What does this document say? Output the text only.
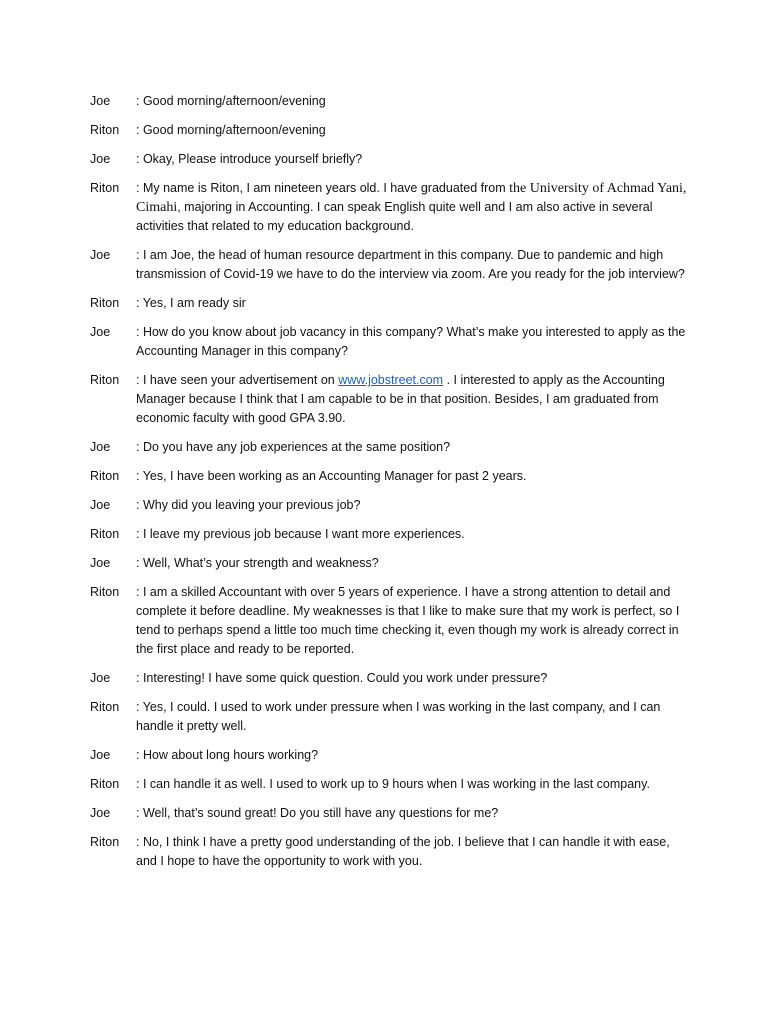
Joe	: Good morning/afternoon/evening
Riton	: Good morning/afternoon/evening
Joe	: Okay, Please introduce yourself briefly?
Riton	: My name is Riton, I am nineteen years old. I have graduated from the University of Achmad Yani, Cimahi, majoring in Accounting. I can speak English quite well and I am also active in several activities that related to my education background.
Joe	: I am Joe, the head of human resource department in this company. Due to pandemic and high transmission of Covid-19 we have to do the interview via zoom. Are you ready for the job interview?
Riton	: Yes, I am ready sir
Joe	: How do you know about job vacancy in this company? What’s make you interested to apply as the Accounting Manager in this company?
Riton	: I have seen your advertisement on www.jobstreet.com . I interested to apply as the Accounting Manager because I think that I am capable to be in that position. Besides, I am graduated from economic faculty with good GPA 3.90.
Joe	: Do you have any job experiences at the same position?
Riton	: Yes, I have been working as an Accounting Manager for past 2 years.
Joe	: Why did you leaving your previous job?
Riton	: I leave my previous job because I want more experiences.
Joe	: Well, What’s your strength and weakness?
Riton	: I am a skilled Accountant with over 5 years of experience. I have a strong attention to detail and complete it before deadline. My weaknesses is that I like to make sure that my work is perfect, so I tend to perhaps spend a little too much time checking it, even though my work is already correct in the first place and ready to be reported.
Joe	: Interesting! I have some quick question. Could you work under pressure?
Riton	: Yes, I could. I used to work under pressure when I was working in the last company, and I can handle it pretty well.
Joe	: How about long hours working?
Riton	: I can handle it as well. I used to work up to 9 hours when I was working in the last company.
Joe	: Well, that’s sound great! Do you still have any questions for me?
Riton	: No, I think I have a pretty good understanding of the job. I believe that I can handle it with ease, and I hope to have the opportunity to work with you.
